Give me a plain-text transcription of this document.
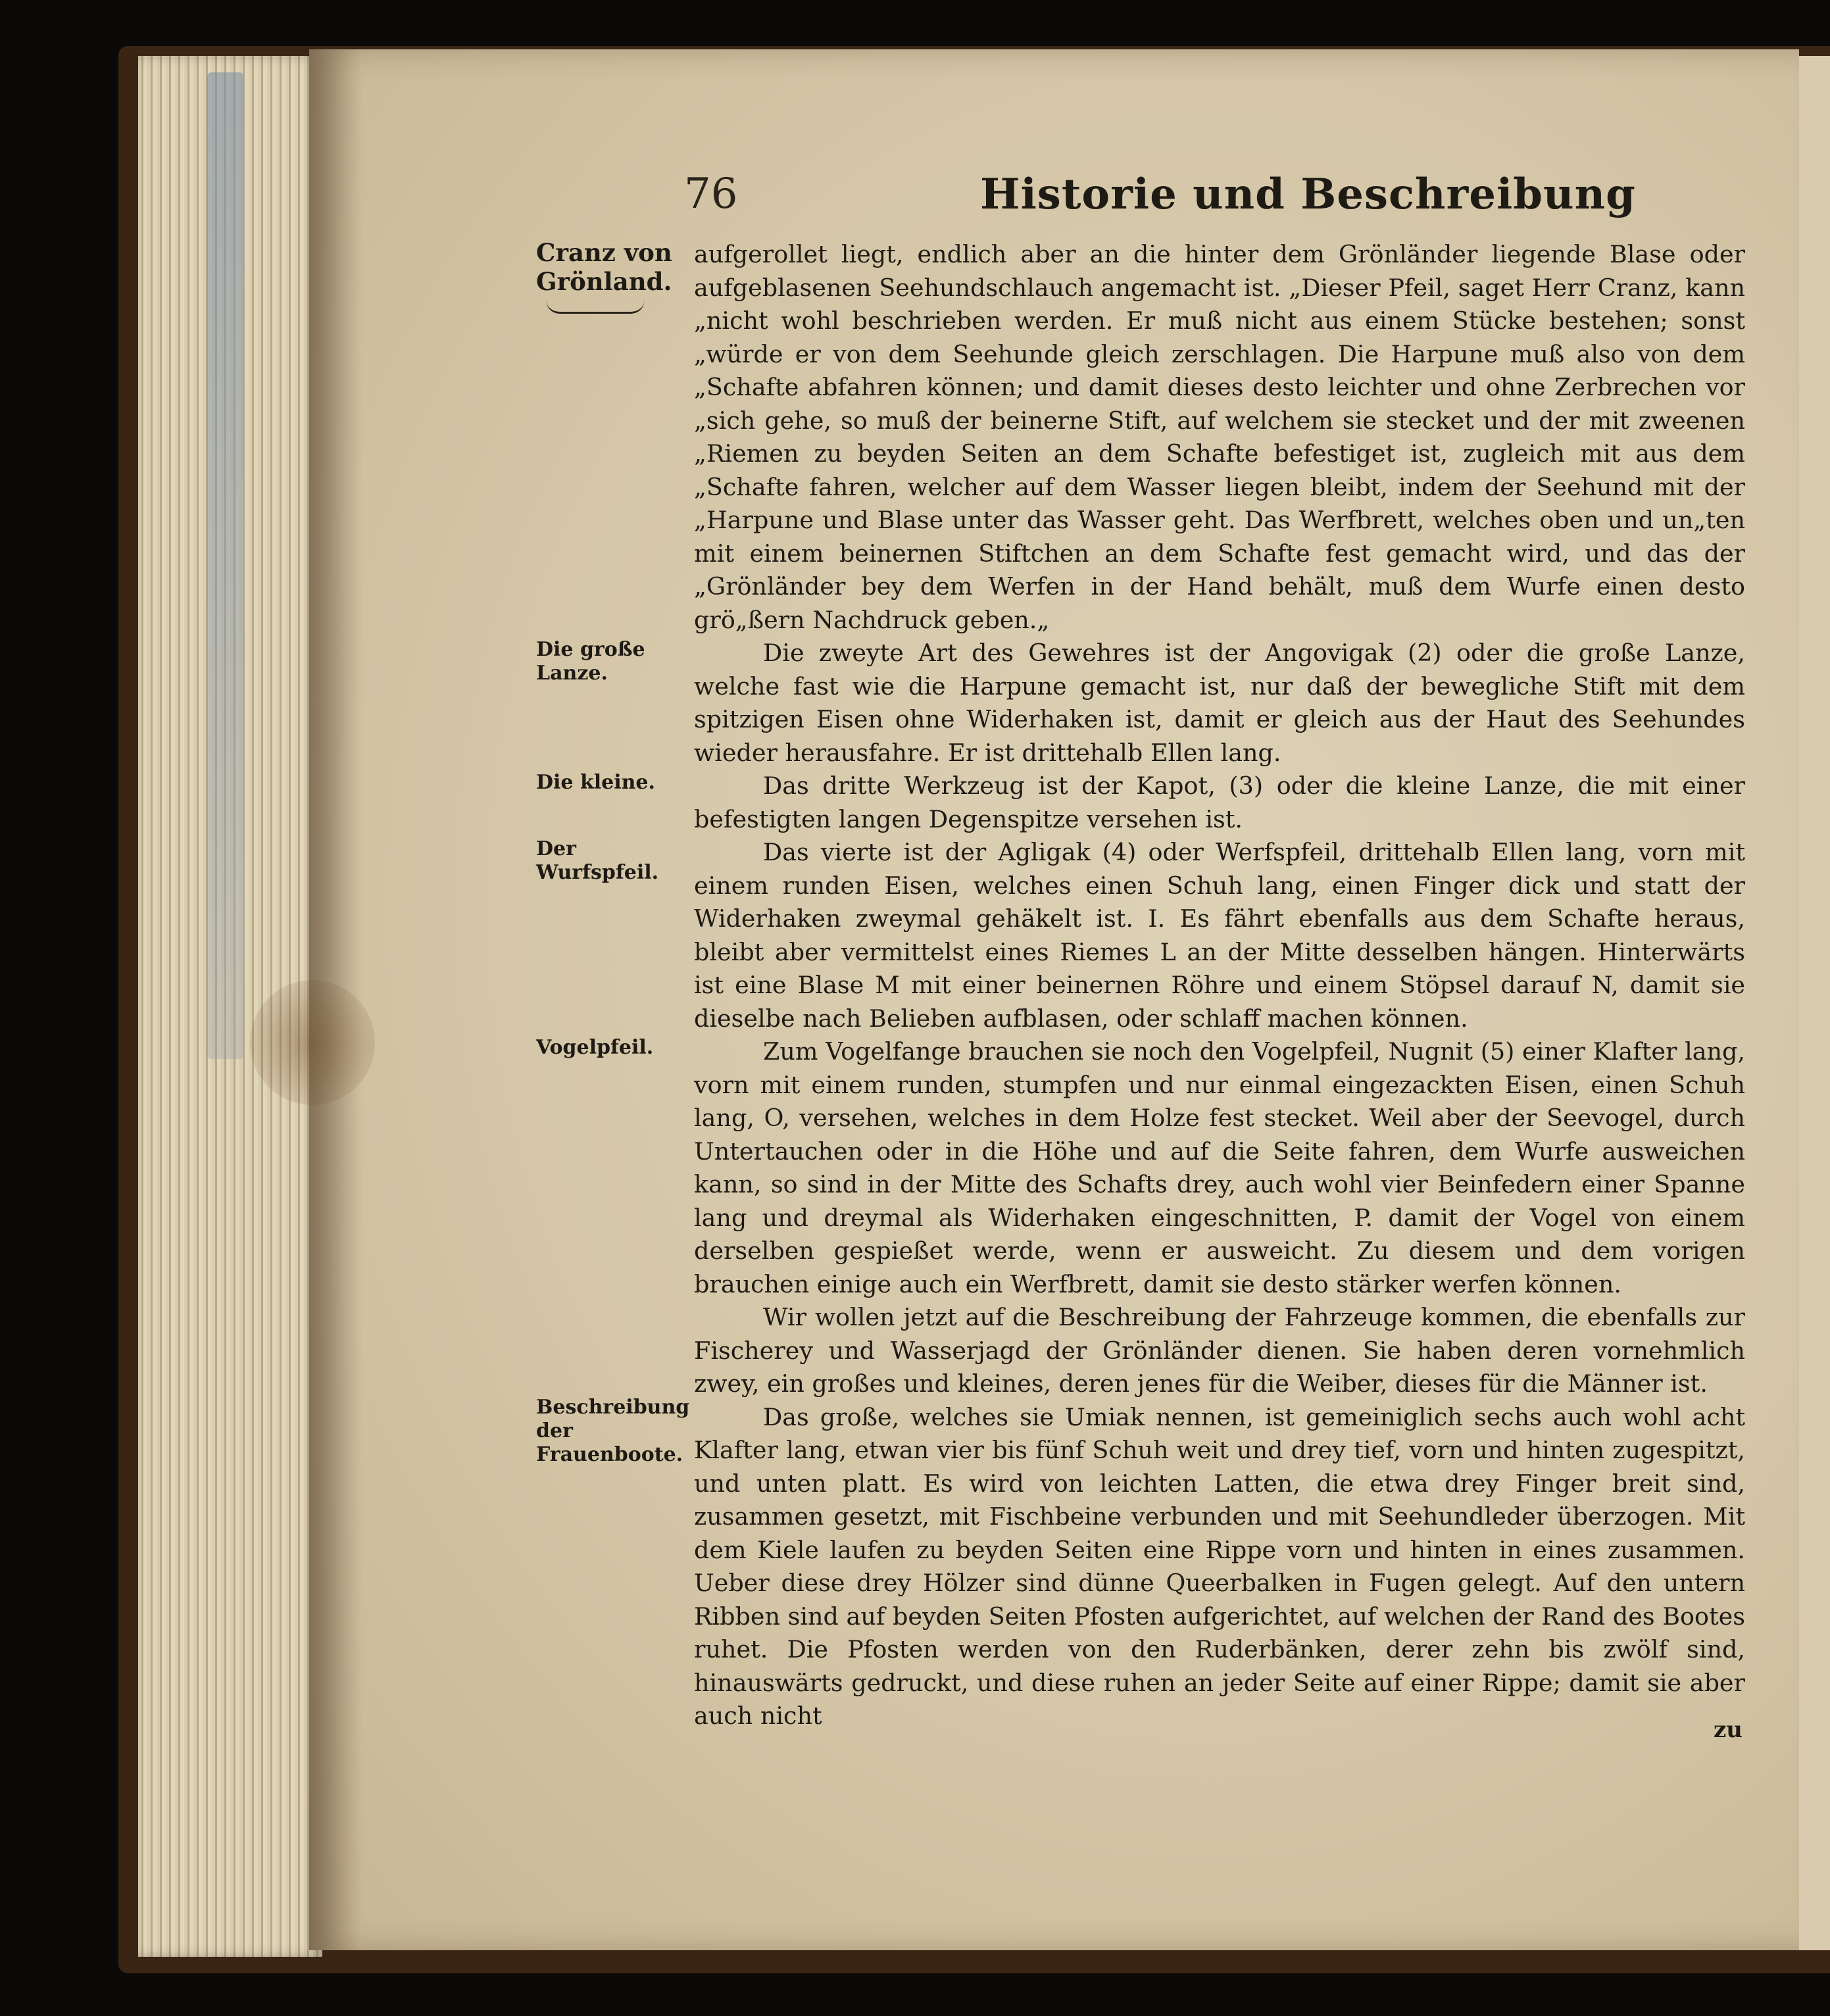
76	Historie und Beschreibung
Cranz von Grönland.
Die große Lanze.
Die kleine.
Der Wurfspfeil.
Vogelpfeil.
Beschreibung der Frauenboote.

aufgerollet liegt, endlich aber an die hinter dem Grönländer liegende Blase oder aufgeblasenen Seehundschlauch angemacht ist. „Dieser Pfeil, saget Herr Cranz, kann „nicht wohl beschrieben werden. Er muß nicht aus einem Stücke bestehen; sonst „würde er von dem Seehunde gleich zerschlagen. Die Harpune muß also von dem „Schafte abfahren können; und damit dieses desto leichter und ohne Zerbrechen vor „sich gehe, so muß der beinerne Stift, auf welchem sie stecket und der mit zweenen „Riemen zu beyden Seiten an dem Schafte befestiget ist, zugleich mit aus dem „Schafte fahren, welcher auf dem Wasser liegen bleibt, indem der Seehund mit der „Harpune und Blase unter das Wasser geht. Das Werfbrett, welches oben und un„ten mit einem beinernen Stiftchen an dem Schafte fest gemacht wird, und das der „Grönländer bey dem Werfen in der Hand behält, muß dem Wurfe einen desto grö„ßern Nachdruck geben.„

Die zweyte Art des Gewehres ist der Angovigak (2) oder die große Lanze, welche fast wie die Harpune gemacht ist, nur daß der bewegliche Stift mit dem spitzigen Eisen ohne Widerhaken ist, damit er gleich aus der Haut des Seehundes wieder herausfahre. Er ist drittehalb Ellen lang.

Das dritte Werkzeug ist der Kapot, (3) oder die kleine Lanze, die mit einer befestigten langen Degenspitze versehen ist.

Das vierte ist der Agligak (4) oder Werfspfeil, drittehalb Ellen lang, vorn mit einem runden Eisen, welches einen Schuh lang, einen Finger dick und statt der Widerhaken zweymal gehäkelt ist. I. Es fährt ebenfalls aus dem Schafte heraus, bleibt aber vermittelst eines Riemes L an der Mitte desselben hängen. Hinterwärts ist eine Blase M mit einer beinernen Röhre und einem Stöpsel darauf N, damit sie dieselbe nach Belieben aufblasen, oder schlaff machen können.

Zum Vogelfange brauchen sie noch den Vogelpfeil, Nugnit (5) einer Klafter lang, vorn mit einem runden, stumpfen und nur einmal eingezackten Eisen, einen Schuh lang, O, versehen, welches in dem Holze fest stecket. Weil aber der Seevogel, durch Untertauchen oder in die Höhe und auf die Seite fahren, dem Wurfe ausweichen kann, so sind in der Mitte des Schafts drey, auch wohl vier Beinfedern einer Spanne lang und dreymal als Widerhaken eingeschnitten, P. damit der Vogel von einem derselben gespießet werde, wenn er ausweicht. Zu diesem und dem vorigen brauchen einige auch ein Werfbrett, damit sie desto stärker werfen können.

Wir wollen jetzt auf die Beschreibung der Fahrzeuge kommen, die ebenfalls zur Fischerey und Wasserjagd der Grönländer dienen. Sie haben deren vornehmlich zwey, ein großes und kleines, deren jenes für die Weiber, dieses für die Männer ist.

Das große, welches sie Umiak nennen, ist gemeiniglich sechs auch wohl acht Klafter lang, etwan vier bis fünf Schuh weit und drey tief, vorn und hinten zugespitzt, und unten platt. Es wird von leichten Latten, die etwa drey Finger breit sind, zusammen gesetzt, mit Fischbeine verbunden und mit Seehundleder überzogen. Mit dem Kiele laufen zu beyden Seiten eine Rippe vorn und hinten in eines zusammen. Ueber diese drey Hölzer sind dünne Queerbalken in Fugen gelegt. Auf den untern Ribben sind auf beyden Seiten Pfosten aufgerichtet, auf welchen der Rand des Bootes ruhet. Die Pfosten werden von den Ruderbänken, derer zehn bis zwölf sind, hinauswärts gedruckt, und diese ruhen an jeder Seite auf einer Rippe; damit sie aber auch nicht	zu
